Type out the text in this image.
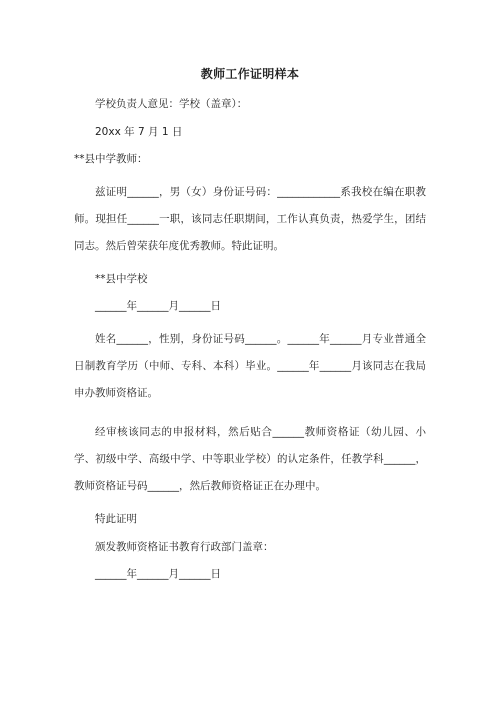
教师工作证明样本
学校负责人意见：学校（盖章）：
20xx 年 7 月 1 日
**县中学教师：
兹证明______，男（女）身份证号码：____________系我校在编在职教师。现担任______一职，该同志任职期间，工作认真负责，热爱学生，团结同志。然后曾荣获年度优秀教师。特此证明。
**县中学校
______年______月______日
姓名______，性别，身份证号码______。______年______月专业普通全日制教育学历（中师、专科、本科）毕业。______年______月该同志在我局申办教师资格证。
经审核该同志的申报材料，然后贴合______教师资格证（幼儿园、小学、初级中学、高级中学、中等职业学校）的认定条件，任教学科______，教师资格证号码______，然后教师资格证正在办理中。
特此证明
颁发教师资格证书教育行政部门盖章：
______年______月______日
